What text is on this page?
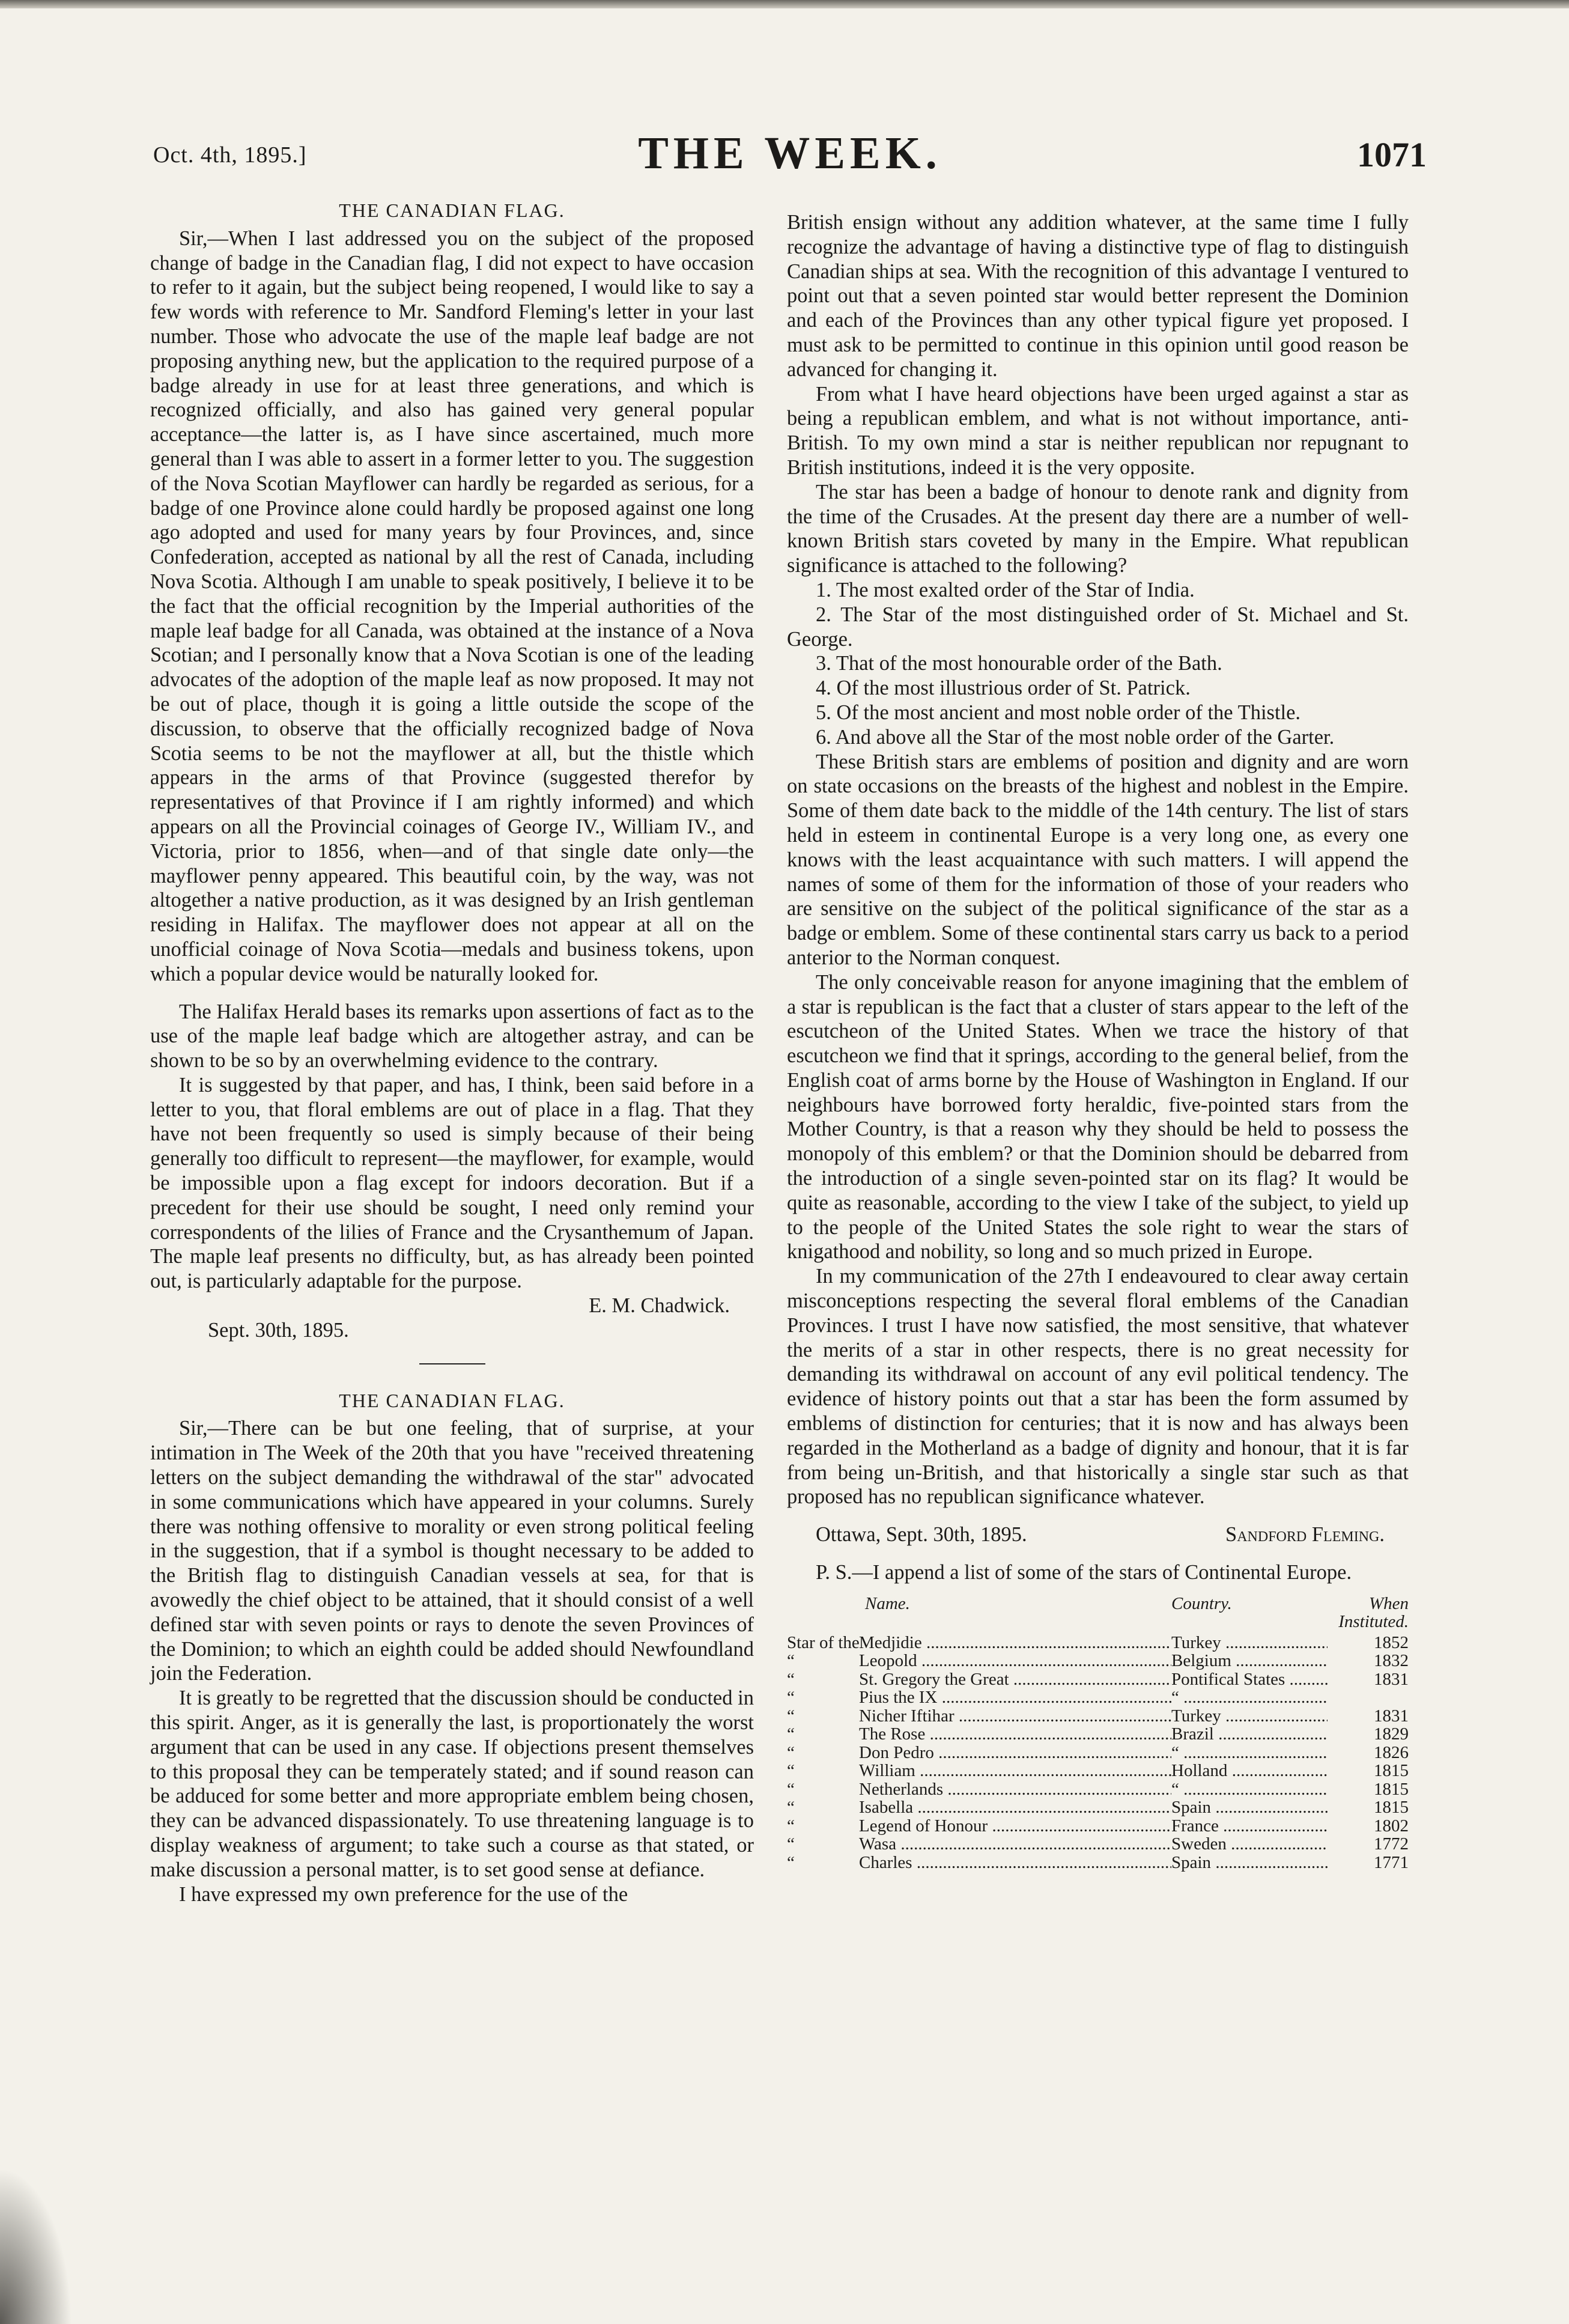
Oct. 4th, 1895.]	THE WEEK.	1071
THE CANADIAN FLAG.

Sir,—When I last addressed you on the subject of the proposed change of badge in the Canadian flag, I did not expect to have occasion to refer to it again, but the subject being reopened, I would like to say a few words with reference to Mr. Sandford Fleming's letter in your last number. Those who advocate the use of the maple leaf badge are not proposing anything new, but the application to the required purpose of a badge already in use for at least three generations, and which is recognized officially, and also has gained very general popular acceptance—the latter is, as I have since ascertained, much more general than I was able to assert in a former letter to you. The suggestion of the Nova Scotian Mayflower can hardly be regarded as serious, for a badge of one Province alone could hardly be proposed against one long ago adopted and used for many years by four Provinces, and, since Confederation, accepted as national by all the rest of Canada, including Nova Scotia. Although I am unable to speak positively, I believe it to be the fact that the official recognition by the Imperial authorities of the maple leaf badge for all Canada, was obtained at the instance of a Nova Scotian; and I personally know that a Nova Scotian is one of the leading advocates of the adoption of the maple leaf as now proposed. It may not be out of place, though it is going a little outside the scope of the discussion, to observe that the officially recognized badge of Nova Scotia seems to be not the mayflower at all, but the thistle which appears in the arms of that Province (suggested therefor by representatives of that Province if I am rightly informed) and which appears on all the Provincial coinages of George IV., William IV., and Victoria, prior to 1856, when—and of that single date only—the mayflower penny appeared. This beautiful coin, by the way, was not altogether a native production, as it was designed by an Irish gentleman residing in Halifax. The mayflower does not appear at all on the unofficial coinage of Nova Scotia—medals and business tokens, upon which a popular device would be naturally looked for.

The Halifax Herald bases its remarks upon assertions of fact as to the use of the maple leaf badge which are altogether astray, and can be shown to be so by an overwhelming evidence to the contrary.

It is suggested by that paper, and has, I think, been said before in a letter to you, that floral emblems are out of place in a flag. That they have not been frequently so used is simply because of their being generally too difficult to represent—the mayflower, for example, would be impossible upon a flag except for indoors decoration. But if a precedent for their use should be sought, I need only remind your correspondents of the lilies of France and the Crysanthemum of Japan. The maple leaf presents no difficulty, but, as has already been pointed out, is particularly adaptable for the purpose.

E. M. Chadwick.

Sept. 30th, 1895.

THE CANADIAN FLAG.

Sir,—There can be but one feeling, that of surprise, at your intimation in The Week of the 20th that you have "received threatening letters on the subject demanding the withdrawal of the star" advocated in some communications which have appeared in your columns. Surely there was nothing offensive to morality or even strong political feeling in the suggestion, that if a symbol is thought necessary to be added to the British flag to distinguish Canadian vessels at sea, for that is avowedly the chief object to be attained, that it should consist of a well defined star with seven points or rays to denote the seven Provinces of the Dominion; to which an eighth could be added should Newfoundland join the Federation.

It is greatly to be regretted that the discussion should be conducted in this spirit. Anger, as it is generally the last, is proportionately the worst argument that can be used in any case. If objections present themselves to this proposal they can be temperately stated; and if sound reason can be adduced for some better and more appropriate emblem being chosen, they can be advanced dispassionately. To use threatening language is to display weakness of argument; to take such a course as that stated, or make discussion a personal matter, is to set good sense at defiance.

I have expressed my own preference for the use of the

British ensign without any addition whatever, at the same time I fully recognize the advantage of having a distinctive type of flag to distinguish Canadian ships at sea. With the recognition of this advantage I ventured to point out that a seven pointed star would better represent the Dominion and each of the Provinces than any other typical figure yet proposed. I must ask to be permitted to continue in this opinion until good reason be advanced for changing it.

From what I have heard objections have been urged against a star as being a republican emblem, and what is not without importance, anti-British. To my own mind a star is neither republican nor repugnant to British institutions, indeed it is the very opposite.

The star has been a badge of honour to denote rank and dignity from the time of the Crusades. At the present day there are a number of well-known British stars coveted by many in the Empire. What republican significance is attached to the following?

1. The most exalted order of the Star of India.

2. The Star of the most distinguished order of St. Michael and St. George.

3. That of the most honourable order of the Bath.

4. Of the most illustrious order of St. Patrick.

5. Of the most ancient and most noble order of the Thistle.

6. And above all the Star of the most noble order of the Garter.

These British stars are emblems of position and dignity and are worn on state occasions on the breasts of the highest and noblest in the Empire. Some of them date back to the middle of the 14th century. The list of stars held in esteem in continental Europe is a very long one, as every one knows with the least acquaintance with such matters. I will append the names of some of them for the information of those of your readers who are sensitive on the subject of the political significance of the star as a badge or emblem. Some of these continental stars carry us back to a period anterior to the Norman conquest.

The only conceivable reason for anyone imagining that the emblem of a star is republican is the fact that a cluster of stars appear to the left of the escutcheon of the United States. When we trace the history of that escutcheon we find that it springs, according to the general belief, from the English coat of arms borne by the House of Washington in England. If our neighbours have borrowed forty heraldic, five-pointed stars from the Mother Country, is that a reason why they should be held to possess the monopoly of this emblem? or that the Dominion should be debarred from the introduction of a single seven-pointed star on its flag? It would be quite as reasonable, according to the view I take of the subject, to yield up to the people of the United States the sole right to wear the stars of knigathood and nobility, so long and so much prized in Europe.

In my communication of the 27th I endeavoured to clear away certain misconceptions respecting the several floral emblems of the Canadian Provinces. I trust I have now satisfied, the most sensitive, that whatever the merits of a star in other respects, there is no great necessity for demanding its withdrawal on account of any evil political tendency. The evidence of history points out that a star has been the form assumed by emblems of distinction for centuries; that it is now and has always been regarded in the Motherland as a badge of dignity and honour, that it is far from being un-British, and that historically a single star such as that proposed has no republican significance whatever.

Ottawa, Sept. 30th, 1895.	Sandford Fleming.

P. S.—I append a list of some of the stars of Continental Europe.

Name.	Country.	When Instituted.
Star of the Medjidie .....	Turkey .....	1852
“	Leopold .....	Belgium .....	1832
“	St. Gregory the Great .....	Pontifical States .....	1831
“	Pius the IX .....	“ .....
“	Nicher Iftihar .....	Turkey .....	1831
“	The Rose .....	Brazil .....	1829
“	Don Pedro .....	“ .....	1826
“	William .....	Holland .....	1815
“	Netherlands .....	“ .....	1815
“	Isabella .....	Spain .....	1815
“	Legend of Honour .....	France .....	1802
“	Wasa .....	Sweden .....	1772
“	Charles .....	Spain .....	1771
